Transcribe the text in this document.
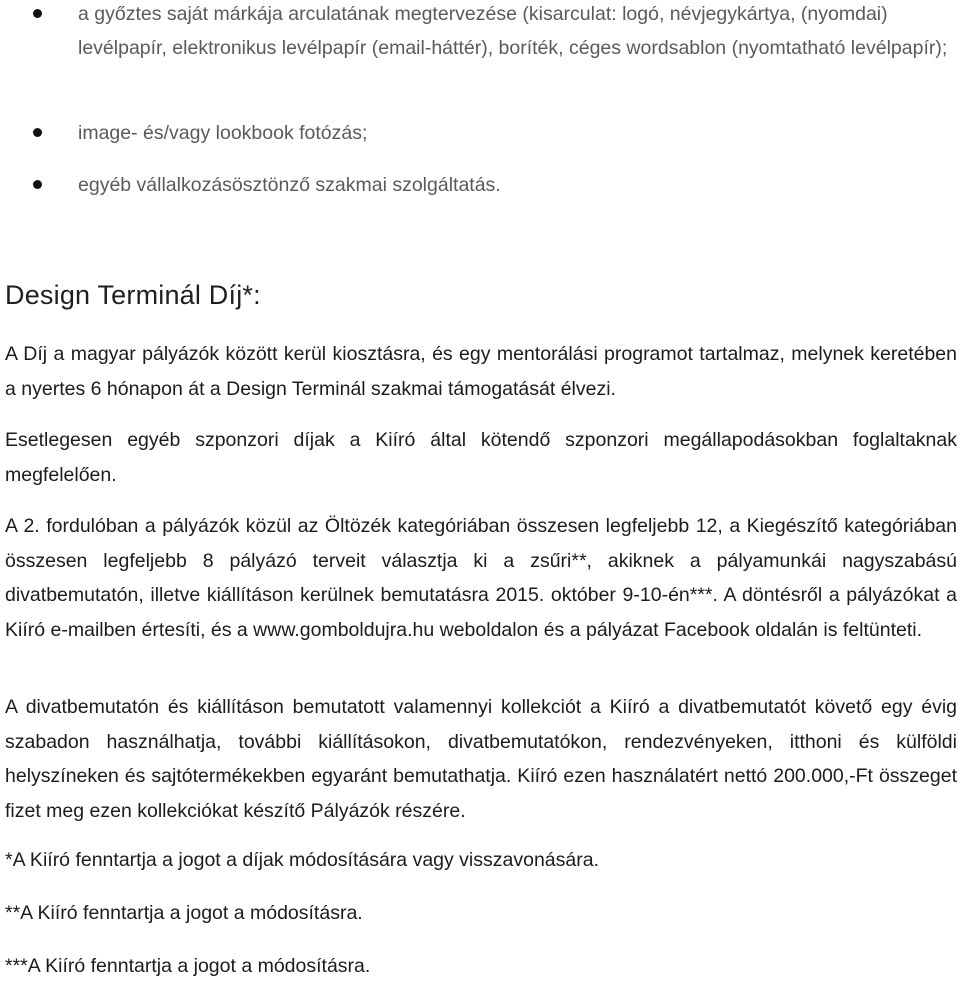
a győztes saját márkája arculatának megtervezése (kisarculat: logó, névjegykártya, (nyomdai) levélpapír, elektronikus levélpapír (email-háttér), boríték, céges wordsablon (nyomtatható levélpapír);
image- és/vagy lookbook fotózás;
egyéb vállalkozásösztönző szakmai szolgáltatás.
Design Terminál Díj*:

A Díj a magyar pályázók között kerül kiosztásra, és egy mentorálási programot tartalmaz, melynek keretében a nyertes 6 hónapon át a Design Terminál szakmai támogatását élvezi.

Esetlegesen egyéb szponzori díjak a Kiíró által kötendő szponzori megállapodásokban foglaltaknak megfelelően.

A 2. fordulóban a pályázók közül az Öltözék kategóriában összesen legfeljebb 12, a Kiegészítő kategóriában összesen legfeljebb 8 pályázó terveit választja ki a zsűri**, akiknek a pályamunkái nagyszabású divatbemutatón, illetve kiállításon kerülnek bemutatásra 2015. október 9-10-én***. A döntésről a pályázókat a Kiíró e-mailben értesíti, és a www.gomboldujra.hu weboldalon és a pályázat Facebook oldalán is feltünteti.

A divatbemutatón és kiállításon bemutatott valamennyi kollekciót a Kiíró a divatbemutatót követő egy évig szabadon használhatja, további kiállításokon, divatbemutatókon, rendezvényeken, itthoni és külföldi helyszíneken és sajtótermékekben egyaránt bemutathatja. Kiíró ezen használatért nettó 200.000,-Ft összeget fizet meg ezen kollekciókat készítő Pályázók részére.

*A Kiíró fenntartja a jogot a díjak módosítására vagy visszavonására.

**A Kiíró fenntartja a jogot a módosításra.

***A Kiíró fenntartja a jogot a módosításra.
